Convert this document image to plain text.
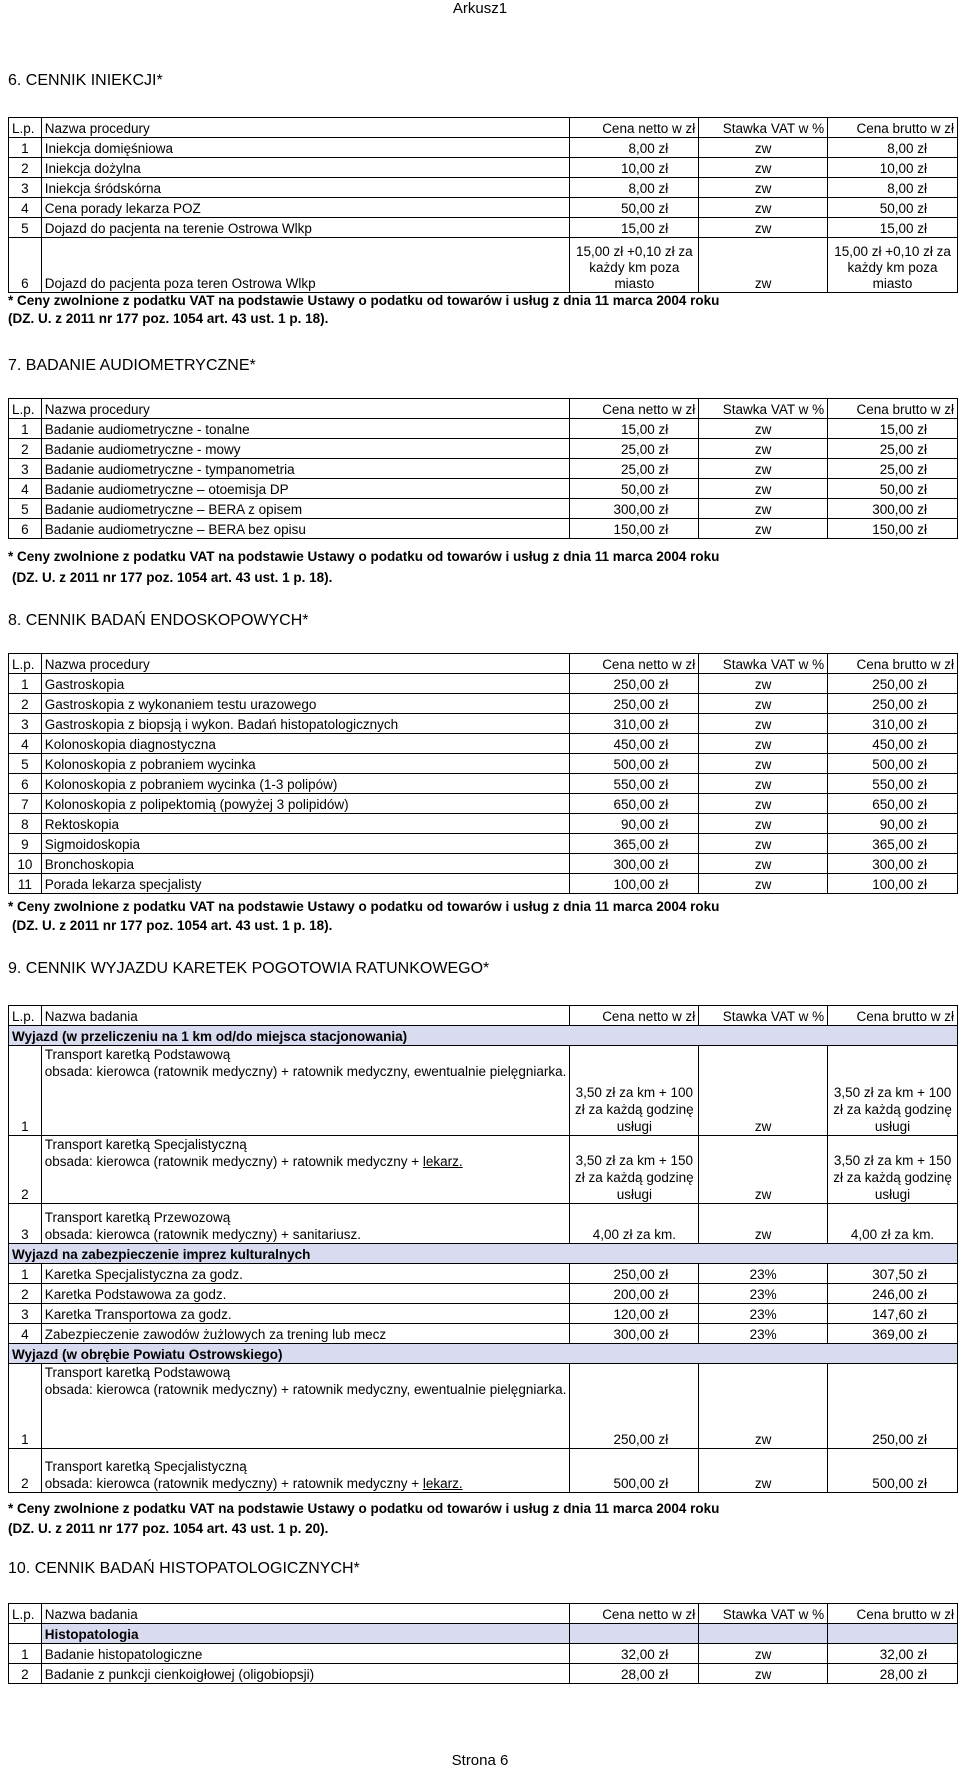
Arkusz1
6. CENNIK INIEKCJI*
L.p.	Nazwa procedury	Cena netto w zł	Stawka VAT w %	Cena brutto w zł
1	Iniekcja domięśniowa	8,00 zł	zw	8,00 zł
2	Iniekcja dożylna	10,00 zł	zw	10,00 zł
3	Iniekcja śródskórna	8,00 zł	zw	8,00 zł
4	Cena porady lekarza POZ	50,00 zł	zw	50,00 zł
5	Dojazd do pacjenta na terenie Ostrowa Wlkp	15,00 zł	zw	15,00 zł
6	Dojazd do pacjenta poza teren Ostrowa Wlkp	15,00 zł +0,10 zł za każdy km poza miasto	zw	15,00 zł +0,10 zł za każdy km poza miasto
* Ceny zwolnione z podatku VAT na podstawie Ustawy o podatku od towarów i usług z dnia 11 marca 2004 roku
(DZ. U. z 2011 nr 177 poz. 1054 art. 43 ust. 1 p. 18).
7. BADANIE AUDIOMETRYCZNE*
L.p.	Nazwa procedury	Cena netto w zł	Stawka VAT w %	Cena brutto w zł
1	Badanie audiometryczne - tonalne	15,00 zł	zw	15,00 zł
2	Badanie audiometryczne - mowy	25,00 zł	zw	25,00 zł
3	Badanie audiometryczne - tympanometria	25,00 zł	zw	25,00 zł
4	Badanie audiometryczne – otoemisja DP	50,00 zł	zw	50,00 zł
5	Badanie audiometryczne – BERA z opisem	300,00 zł	zw	300,00 zł
6	Badanie audiometryczne – BERA bez opisu	150,00 zł	zw	150,00 zł
* Ceny zwolnione z podatku VAT na podstawie Ustawy o podatku od towarów i usług z dnia 11 marca 2004 roku
(DZ. U. z 2011 nr 177 poz. 1054 art. 43 ust. 1 p. 18).
8. CENNIK BADAŃ ENDOSKOPOWYCH*
L.p.	Nazwa procedury	Cena netto w zł	Stawka VAT w %	Cena brutto w zł
1	Gastroskopia	250,00 zł	zw	250,00 zł
2	Gastroskopia z wykonaniem testu urazowego	250,00 zł	zw	250,00 zł
3	Gastroskopia z biopsją i wykon. Badań histopatologicznych	310,00 zł	zw	310,00 zł
4	Kolonoskopia diagnostyczna	450,00 zł	zw	450,00 zł
5	Kolonoskopia z pobraniem wycinka	500,00 zł	zw	500,00 zł
6	Kolonoskopia z pobraniem wycinka (1-3 polipów)	550,00 zł	zw	550,00 zł
7	Kolonoskopia z polipektomią (powyżej 3 polipidów)	650,00 zł	zw	650,00 zł
8	Rektoskopia	90,00 zł	zw	90,00 zł
9	Sigmoidoskopia	365,00 zł	zw	365,00 zł
10	Bronchoskopia	300,00 zł	zw	300,00 zł
11	Porada lekarza specjalisty	100,00 zł	zw	100,00 zł
* Ceny zwolnione z podatku VAT na podstawie Ustawy o podatku od towarów i usług z dnia 11 marca 2004 roku
(DZ. U. z 2011 nr 177 poz. 1054 art. 43 ust. 1 p. 18).
9. CENNIK WYJAZDU KARETEK POGOTOWIA RATUNKOWEGO*
L.p.	Nazwa badania	Cena netto w zł	Stawka VAT w %	Cena brutto w zł
Wyjazd (w przeliczeniu na 1 km od/do miejsca stacjonowania)				
1	Transport karetką Podstawową
obsada: kierowca (ratownik medyczny) + ratownik medyczny, ewentualnie pielęgniarka.	3,50 zł za km + 100 zł za każdą godzinę usługi	zw	3,50 zł za km + 100 zł za każdą godzinę usługi
2	Transport karetką Specjalistyczną
obsada: kierowca (ratownik medyczny) + ratownik medyczny + lekarz.	3,50 zł za km + 150 zł za każdą godzinę usługi	zw	3,50 zł za km + 150 zł za każdą godzinę usługi
3	Transport karetką Przewozową
obsada: kierowca (ratownik medyczny) + sanitariusz.	4,00 zł za km.	zw	4,00 zł za km.
Wyjazd na zabezpieczenie imprez kulturalnych				
1	Karetka Specjalistyczna za godz.	250,00 zł	23%	307,50 zł
2	Karetka Podstawowa za godz.	200,00 zł	23%	246,00 zł
3	Karetka Transportowa za godz.	120,00 zł	23%	147,60 zł
4	Zabezpieczenie zawodów żużlowych za trening lub mecz	300,00 zł	23%	369,00 zł
Wyjazd (w obrębie Powiatu Ostrowskiego)				
1	Transport karetką Podstawową
obsada: kierowca (ratownik medyczny) + ratownik medyczny, ewentualnie pielęgniarka.	250,00 zł	zw	250,00 zł
2	Transport karetką Specjalistyczną
obsada: kierowca (ratownik medyczny) + ratownik medyczny + lekarz.	500,00 zł	zw	500,00 zł
* Ceny zwolnione z podatku VAT na podstawie Ustawy o podatku od towarów i usług z dnia 11 marca 2004 roku
(DZ. U. z 2011 nr 177 poz. 1054 art. 43 ust. 1 p. 20).
10. CENNIK BADAŃ HISTOPATOLOGICZNYCH*
L.p.	Nazwa badania	Cena netto w zł	Stawka VAT w %	Cena brutto w zł
	Histopatologia			
1	Badanie histopatologiczne	32,00 zł	zw	32,00 zł
2	Badanie z punkcji cienkoigłowej (oligobiopsji)	28,00 zł	zw	28,00 zł
Strona 6
